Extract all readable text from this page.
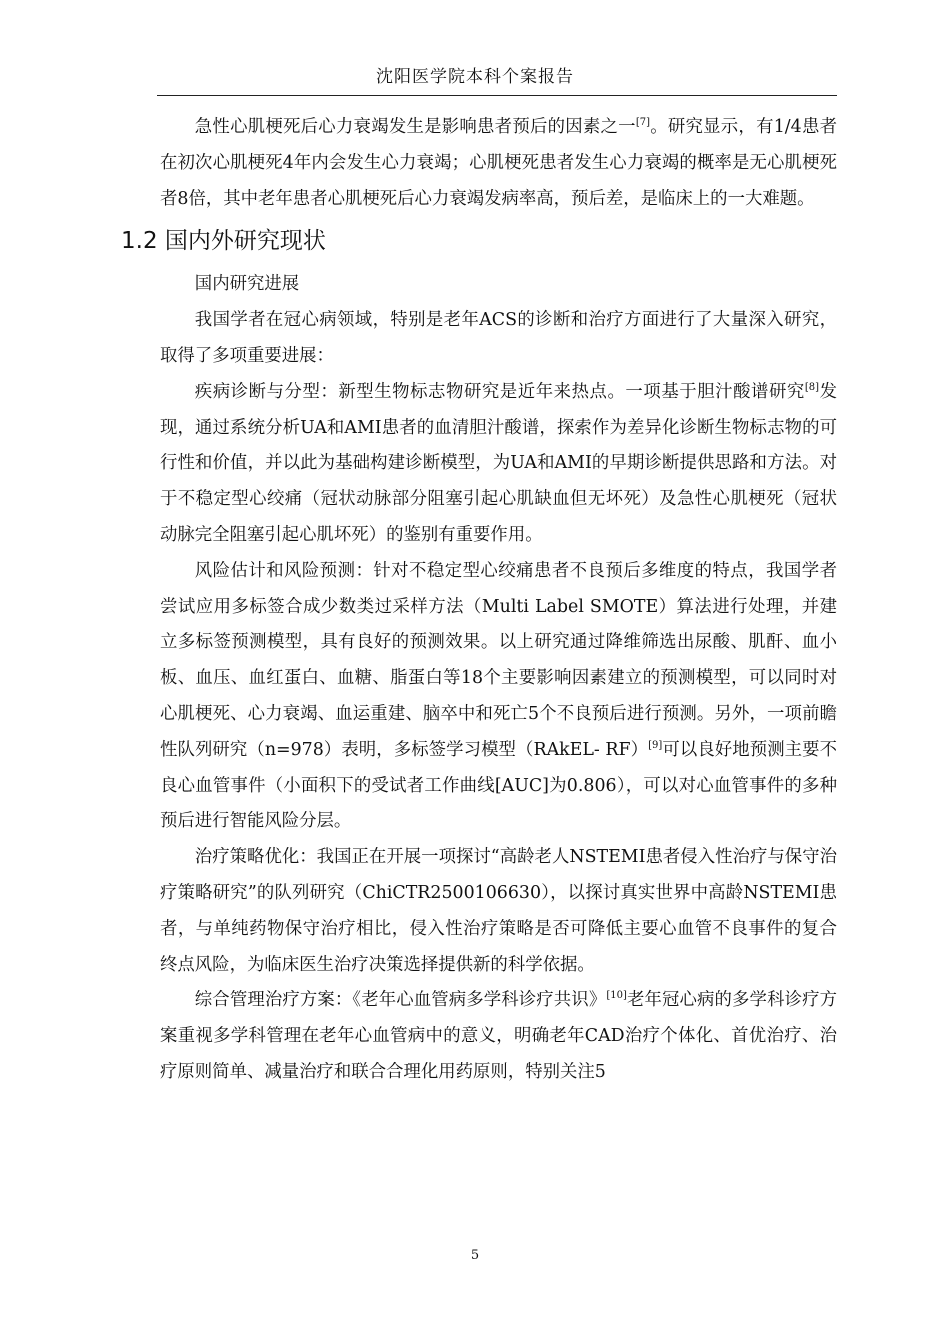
沈阳医学院本科个案报告

急性心肌梗死后心力衰竭发生是影响患者预后的因素之一[7]。研究显示，有1/4患者在初次心肌梗死4年内会发生心力衰竭；心肌梗死患者发生心力衰竭的概率是无心肌梗死者8倍，其中老年患者心肌梗死后心力衰竭发病率高，预后差，是临床上的一大难题。

1.2 国内外研究现状

国内研究进展

我国学者在冠心病领域，特别是老年ACS的诊断和治疗方面进行了大量深入研究，取得了多项重要进展：

疾病诊断与分型：新型生物标志物研究是近年来热点。一项基于胆汁酸谱研究[8]发现，通过系统分析UA和AMI患者的血清胆汁酸谱，探索作为差异化诊断生物标志物的可行性和价值，并以此为基础构建诊断模型，为UA和AMI的早期诊断提供思路和方法。对于不稳定型心绞痛（冠状动脉部分阻塞引起心肌缺血但无坏死）及急性心肌梗死（冠状动脉完全阻塞引起心肌坏死）的鉴别有重要作用。

风险估计和风险预测：针对不稳定型心绞痛患者不良预后多维度的特点，我国学者尝试应用多标签合成少数类过采样方法（Multi Label SMOTE）算法进行处理，并建立多标签预测模型，具有良好的预测效果。以上研究通过降维筛选出尿酸、肌酐、血小板、血压、血红蛋白、血糖、脂蛋白等18个主要影响因素建立的预测模型，可以同时对心肌梗死、心力衰竭、血运重建、脑卒中和死亡5个不良预后进行预测。另外，一项前瞻性队列研究（n=978）表明，多标签学习模型（RAkEL- RF）[9]可以良好地预测主要不良心血管事件（小面积下的受试者工作曲线[AUC]为0.806），可以对心血管事件的多种预后进行智能风险分层。

治疗策略优化：我国正在开展一项探讨“高龄老人NSTEMI患者侵入性治疗与保守治疗策略研究”的队列研究（ChiCTR2500106630），以探讨真实世界中高龄NSTEMI患者，与单纯药物保守治疗相比，侵入性治疗策略是否可降低主要心血管不良事件的复合终点风险，为临床医生治疗决策选择提供新的科学依据。

综合管理治疗方案：《老年心血管病多学科诊疗共识》[10]老年冠心病的多学科诊疗方案重视多学科管理在老年心血管病中的意义，明确老年CAD治疗个体化、首优治疗、治疗原则简单、减量治疗和联合合理化用药原则，特别关注5

5
